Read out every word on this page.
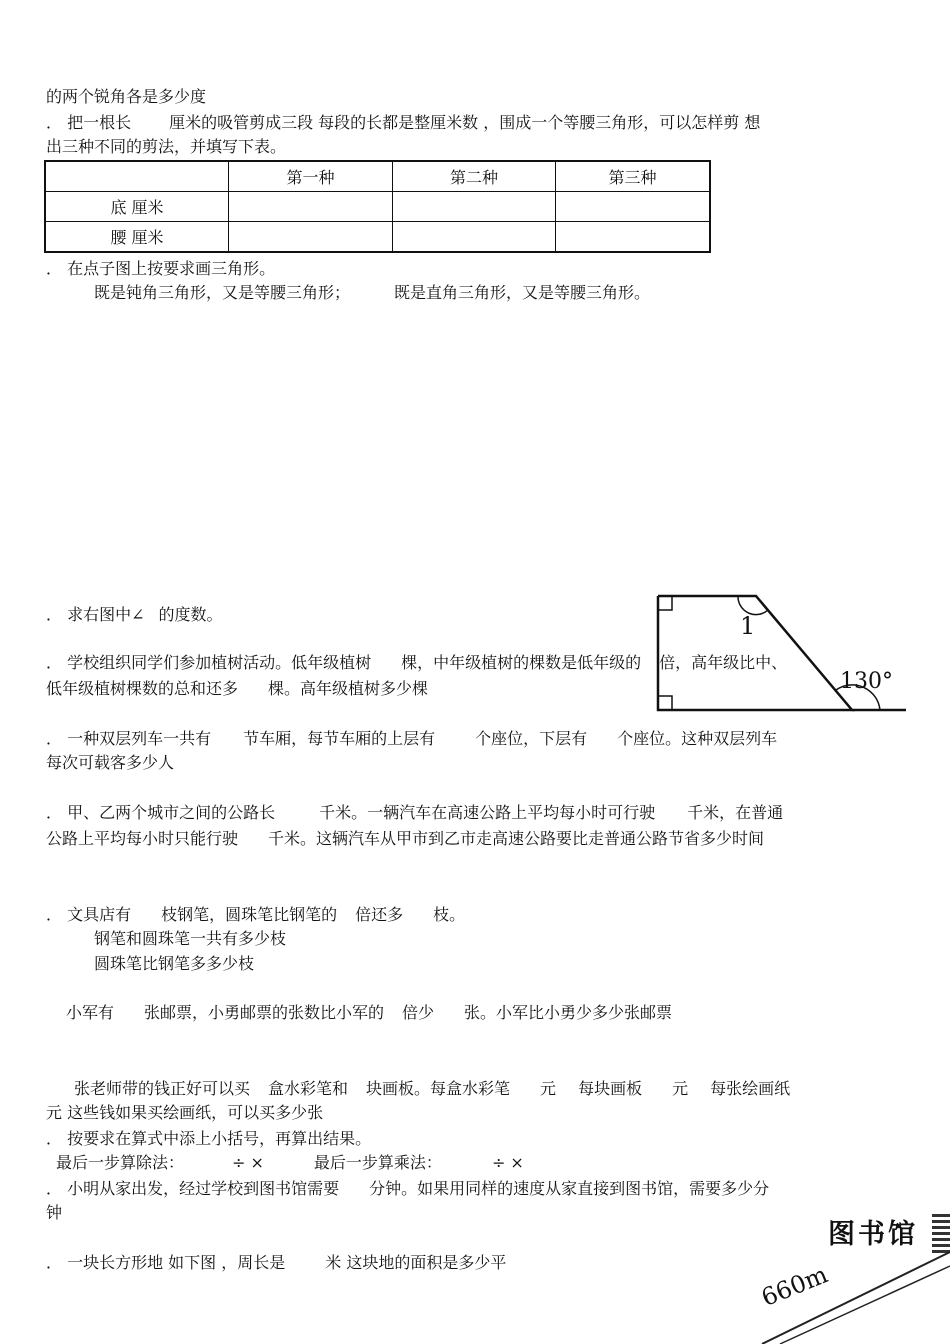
的两个锐角各是多少度
． 把一根长 厘米的吸管剪成三段 每段的长都是整厘米数 ，围成一个等腰三角形，可以怎样剪 想
出三种不同的剪法，并填写下表。
	第一种	第二种	第三种
底 厘米			
腰 厘米			
． 在点子图上按要求画三角形。
既是钝角三角形，又是等腰三角形；	既是直角三角形，又是等腰三角形。
． 求右图中∠ 的度数。	1
130°
． 学校组织同学们参加植树活动。低年级植树 棵，中年级植树的棵数是低年级的 倍，高年级比中、
低年级植树棵数的总和还多 棵。高年级植树多少棵
． 一种双层列车一共有 节车厢，每节车厢的上层有	个座位，下层有 个座位。这种双层列车
每次可载客多少人
． 甲、乙两个城市之间的公路长	千米。一辆汽车在高速公路上平均每小时可行驶 千米，在普通
公路上平均每小时只能行驶 千米。这辆汽车从甲市到乙市走高速公路要比走普通公路节省多少时间
． 文具店有 枝钢笔，圆珠笔比钢笔的 倍还多 枝。
钢笔和圆珠笔一共有多少枝
圆珠笔比钢笔多多少枝
小军有 张邮票，小勇邮票的张数比小军的 倍少 张。小军比小勇少多少张邮票
张老师带的钱正好可以买 盒水彩笔和 块画板。每盒水彩笔 元 每块画板 元 每张绘画纸
元 这些钱如果买绘画纸，可以买多少张
． 按要求在算式中添上小括号，再算出结果。
最后一步算除法：	÷ ×	最后一步算乘法：	÷ ×
． 小明从家出发，经过学校到图书馆需要 分钟。如果用同样的速度从家直接到图书馆，需要多少分
钟
图书馆
660m
． 一块长方形地 如下图 ，周长是	米 这块地的面积是多少平
